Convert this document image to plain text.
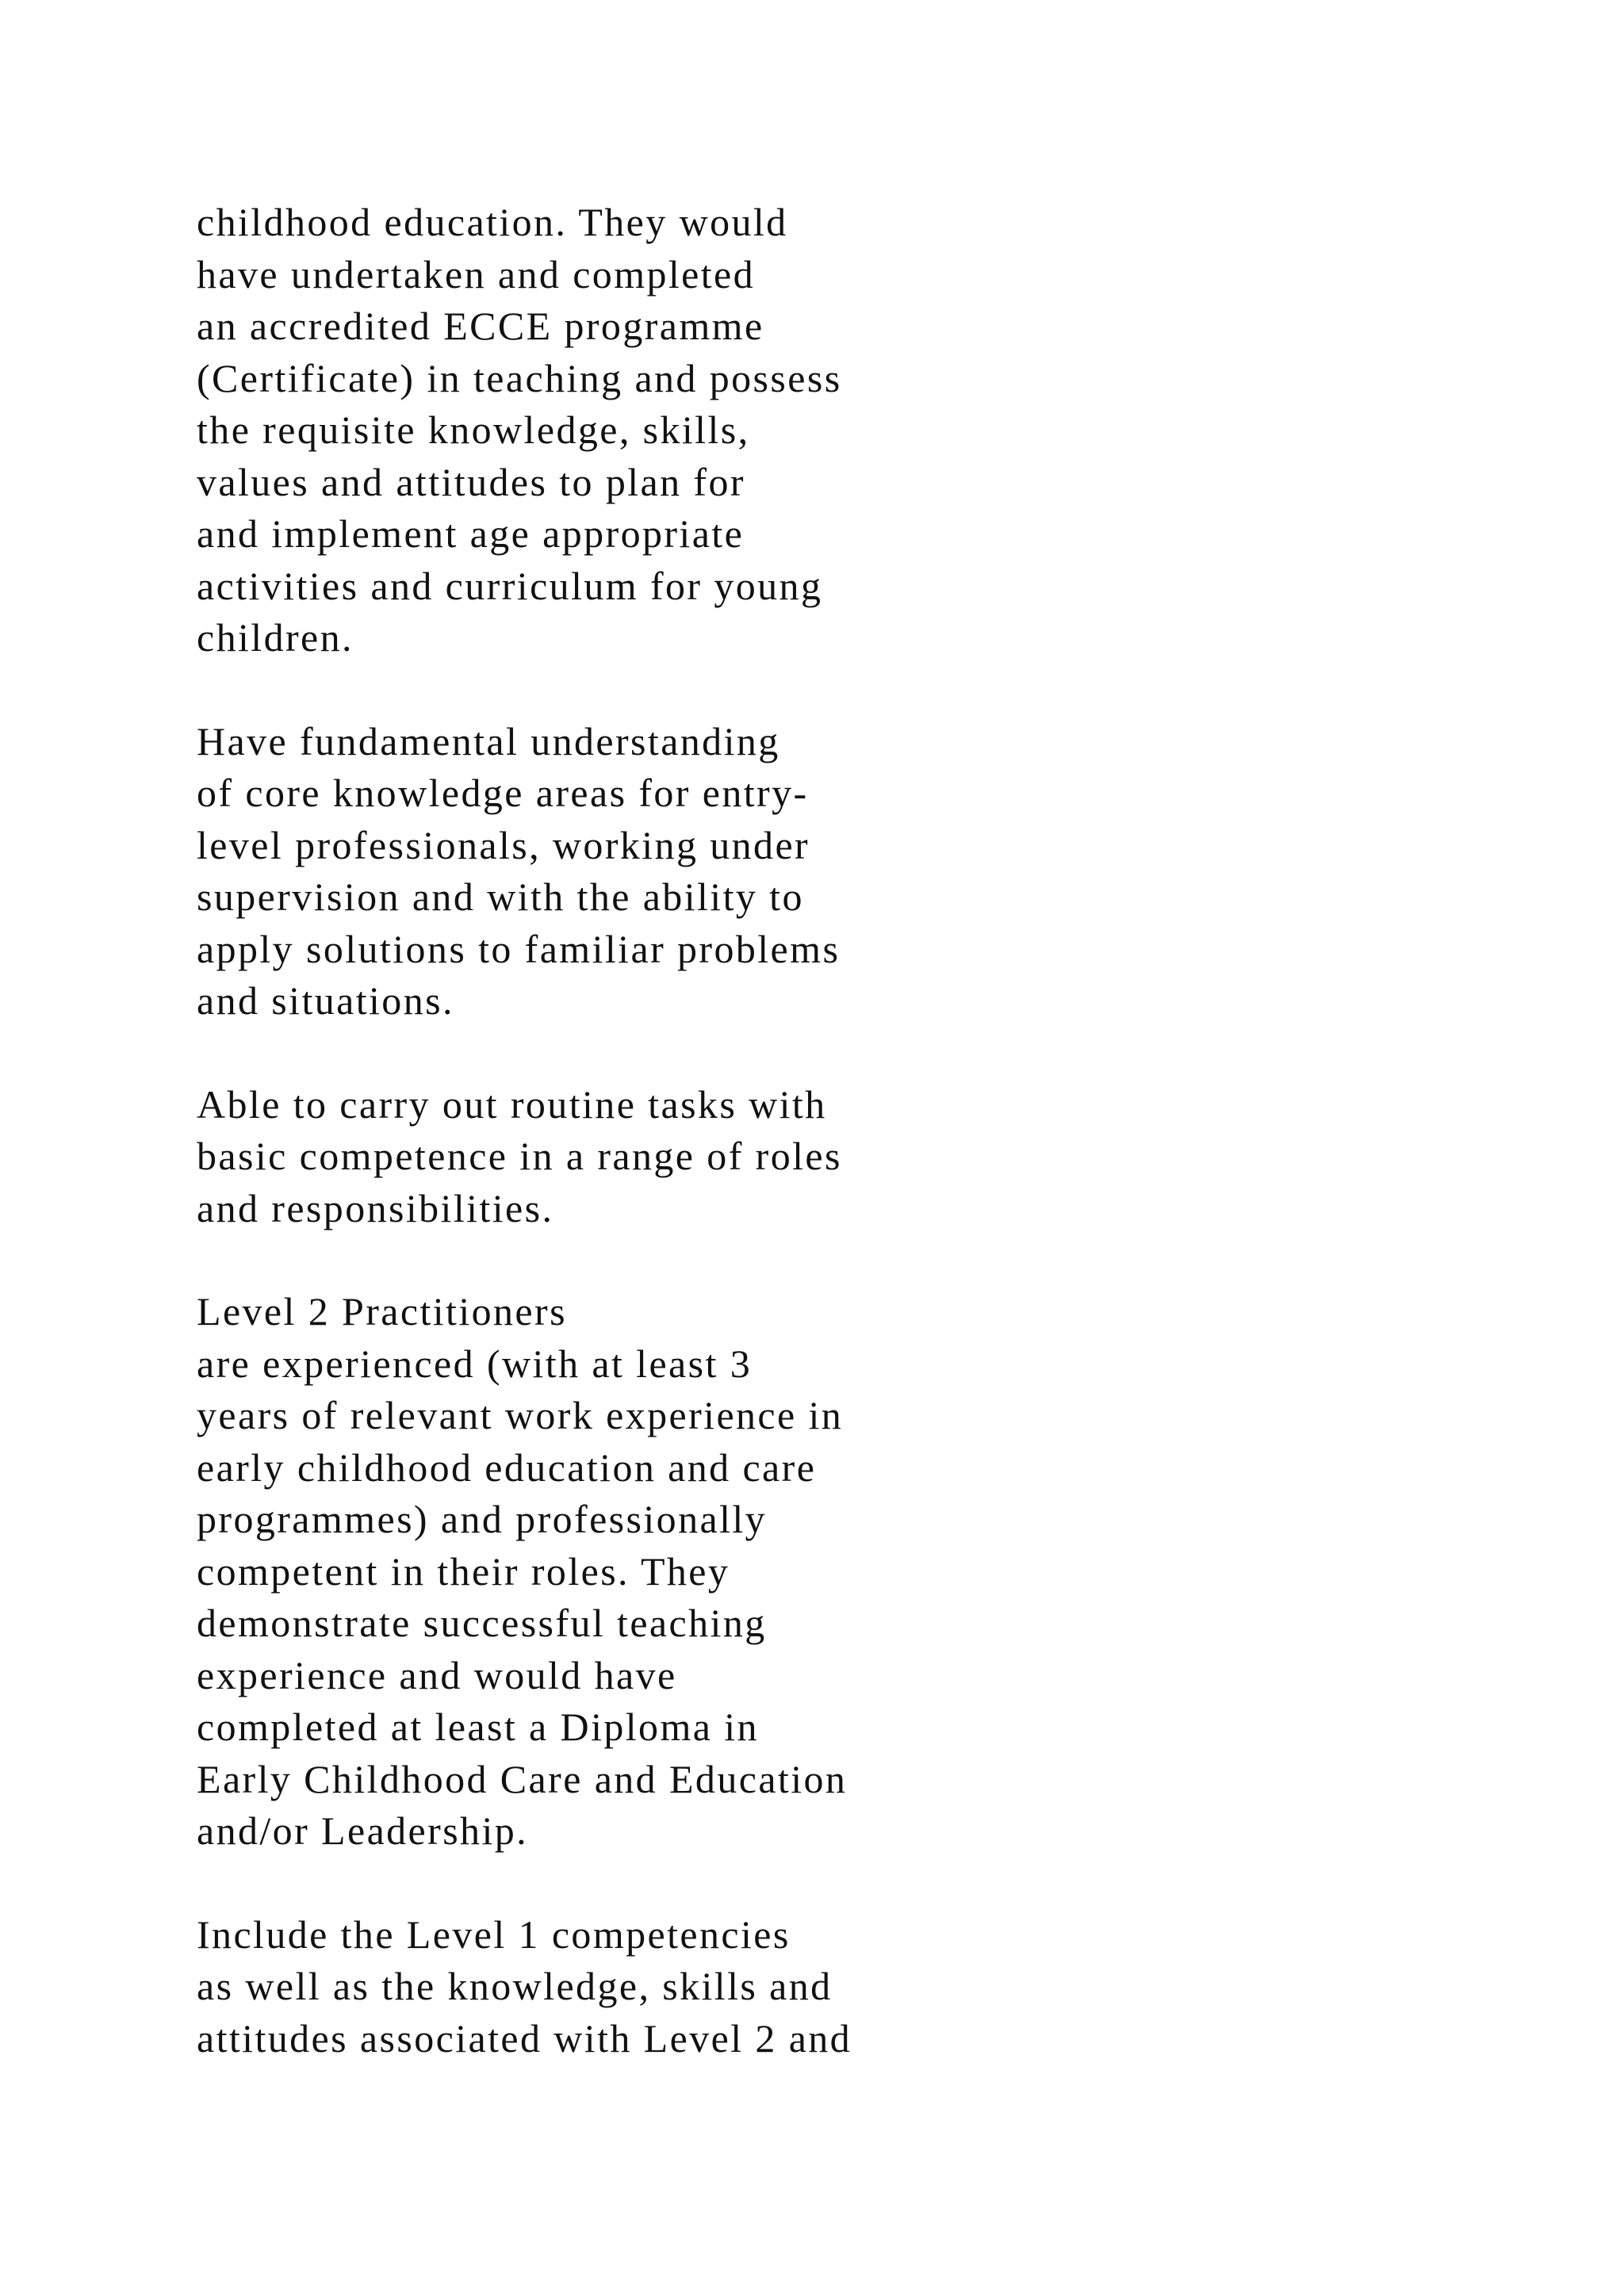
childhood education. They would
have undertaken and completed
an accredited ECCE programme
(Certificate) in teaching and possess
the requisite knowledge, skills,
values and attitudes to plan for
and implement age appropriate
activities and curriculum for young
children.

Have fundamental understanding
of core knowledge areas for entry-
level professionals, working under
supervision and with the ability to
apply solutions to familiar problems
and situations.

Able to carry out routine tasks with
basic competence in a range of roles
and responsibilities.

Level 2 Practitioners
are experienced (with at least 3
years of relevant work experience in
early childhood education and care
programmes) and professionally
competent in their roles. They
demonstrate successful teaching
experience and would have
completed at least a Diploma in
Early Childhood Care and Education
and/or Leadership.

Include the Level 1 competencies
as well as the knowledge, skills and
attitudes associated with Level 2 and
